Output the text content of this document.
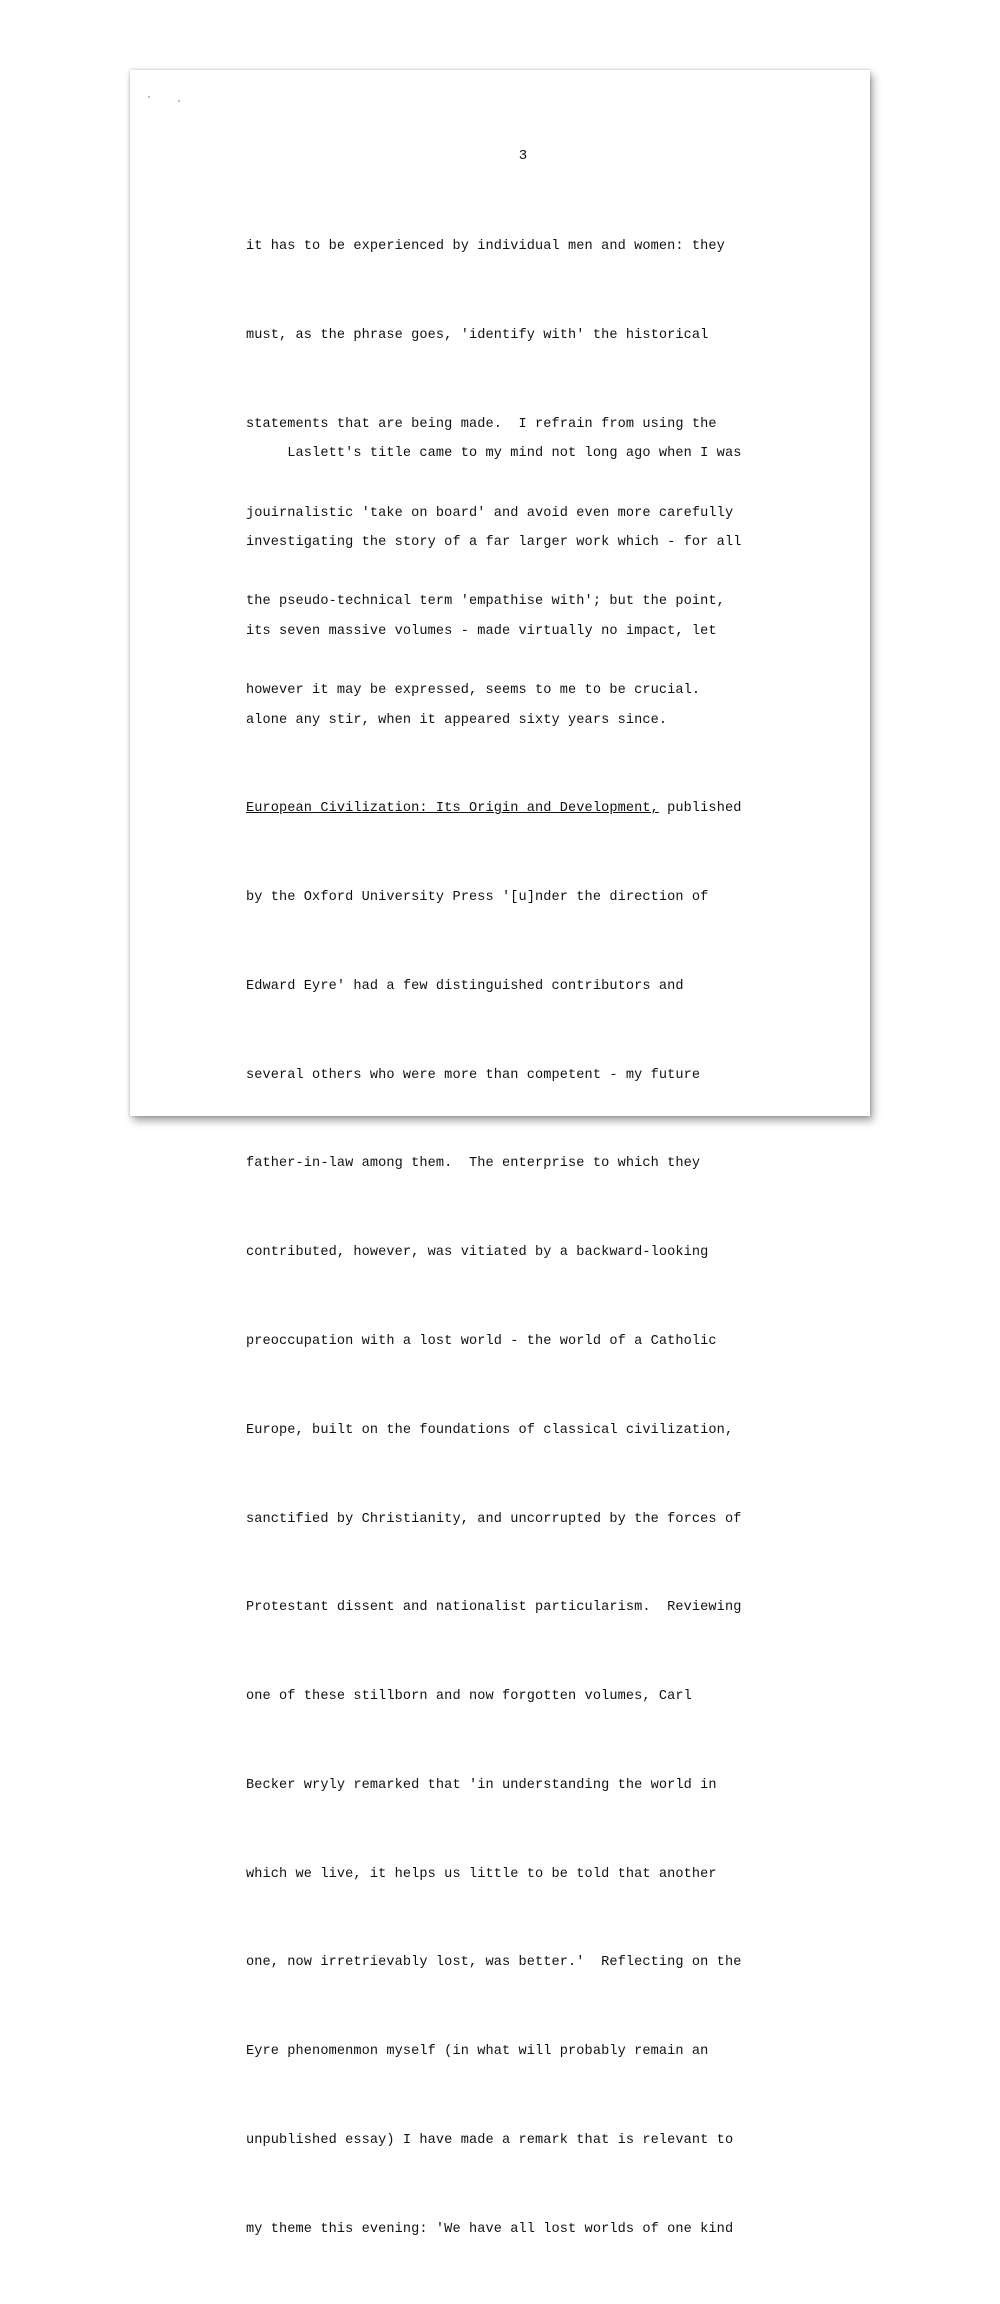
3

it has to be experienced by individual men and women: they

must, as the phrase goes, 'identify with' the historical

statements that are being made.  I refrain from using the

jouirnalistic 'take on board' and avoid even more carefully

the pseudo-technical term 'empathise with'; but the point,

however it may be expressed, seems to me to be crucial.

Laslett's title came to my mind not long ago when I was

investigating the story of a far larger work which - for all

its seven massive volumes - made virtually no impact, let

alone any stir, when it appeared sixty years since.

European Civilization: Its Origin and Development, published

by the Oxford University Press '[u]nder the direction of

Edward Eyre' had a few distinguished contributors and

several others who were more than competent - my future

father-in-law among them.  The enterprise to which they

contributed, however, was vitiated by a backward-looking

preoccupation with a lost world - the world of a Catholic

Europe, built on the foundations of classical civilization,

sanctified by Christianity, and uncorrupted by the forces of

Protestant dissent and nationalist particularism.  Reviewing

one of these stillborn and now forgotten volumes, Carl

Becker wryly remarked that 'in understanding the world in

which we live, it helps us little to be told that another

one, now irretrievably lost, was better.'  Reflecting on the

Eyre phenomenmon myself (in what will probably remain an

unpublished essay) I have made a remark that is relevant to

my theme this evening: 'We have all lost worlds of one kind
